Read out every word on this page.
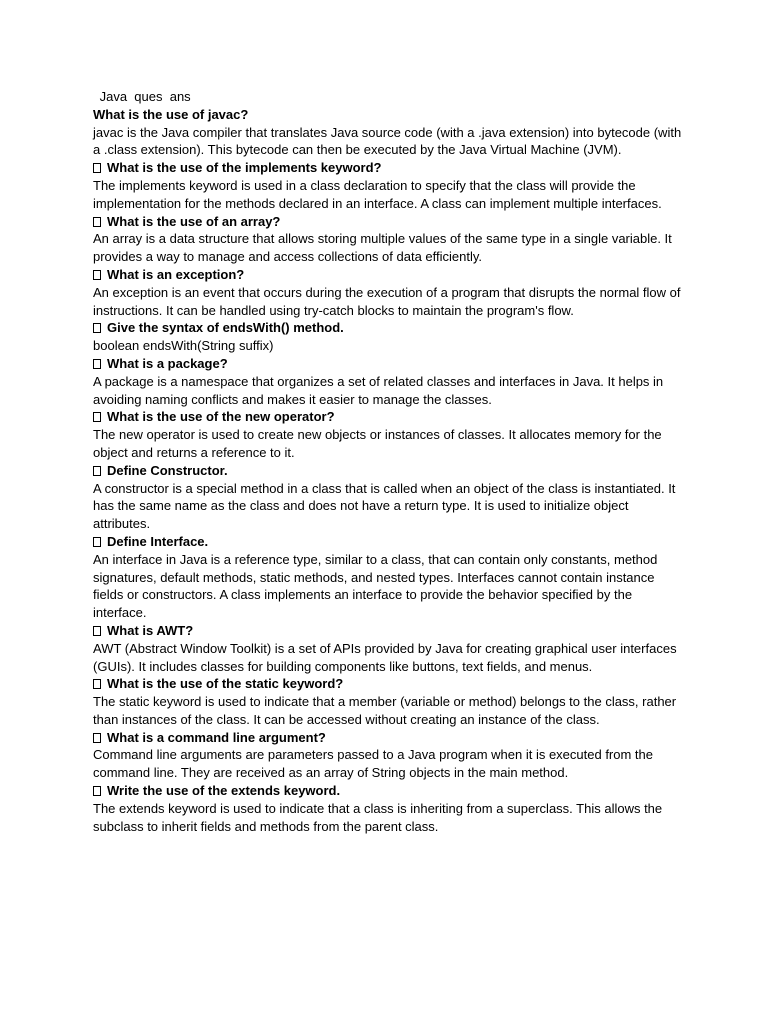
Java  ques  ans
What is the use of javac?
javac is the Java compiler that translates Java source code (with a .java extension) into bytecode (with a .class extension). This bytecode can then be executed by the Java Virtual Machine (JVM).
What is the use of the implements keyword?
The implements keyword is used in a class declaration to specify that the class will provide the implementation for the methods declared in an interface. A class can implement multiple interfaces.
What is the use of an array?
An array is a data structure that allows storing multiple values of the same type in a single variable. It provides a way to manage and access collections of data efficiently.
What is an exception?
An exception is an event that occurs during the execution of a program that disrupts the normal flow of instructions. It can be handled using try-catch blocks to maintain the program's flow.
Give the syntax of endsWith() method.
boolean endsWith(String suffix)
What is a package?
A package is a namespace that organizes a set of related classes and interfaces in Java. It helps in avoiding naming conflicts and makes it easier to manage the classes.
What is the use of the new operator?
The new operator is used to create new objects or instances of classes. It allocates memory for the object and returns a reference to it.
Define Constructor.
A constructor is a special method in a class that is called when an object of the class is instantiated. It has the same name as the class and does not have a return type. It is used to initialize object attributes.
Define Interface.
An interface in Java is a reference type, similar to a class, that can contain only constants, method signatures, default methods, static methods, and nested types. Interfaces cannot contain instance fields or constructors. A class implements an interface to provide the behavior specified by the interface.
What is AWT?
AWT (Abstract Window Toolkit) is a set of APIs provided by Java for creating graphical user interfaces (GUIs). It includes classes for building components like buttons, text fields, and menus.
What is the use of the static keyword?
The static keyword is used to indicate that a member (variable or method) belongs to the class, rather than instances of the class. It can be accessed without creating an instance of the class.
What is a command line argument?
Command line arguments are parameters passed to a Java program when it is executed from the command line. They are received as an array of String objects in the main method.
Write the use of the extends keyword.
The extends keyword is used to indicate that a class is inheriting from a superclass. This allows the subclass to inherit fields and methods from the parent class.
